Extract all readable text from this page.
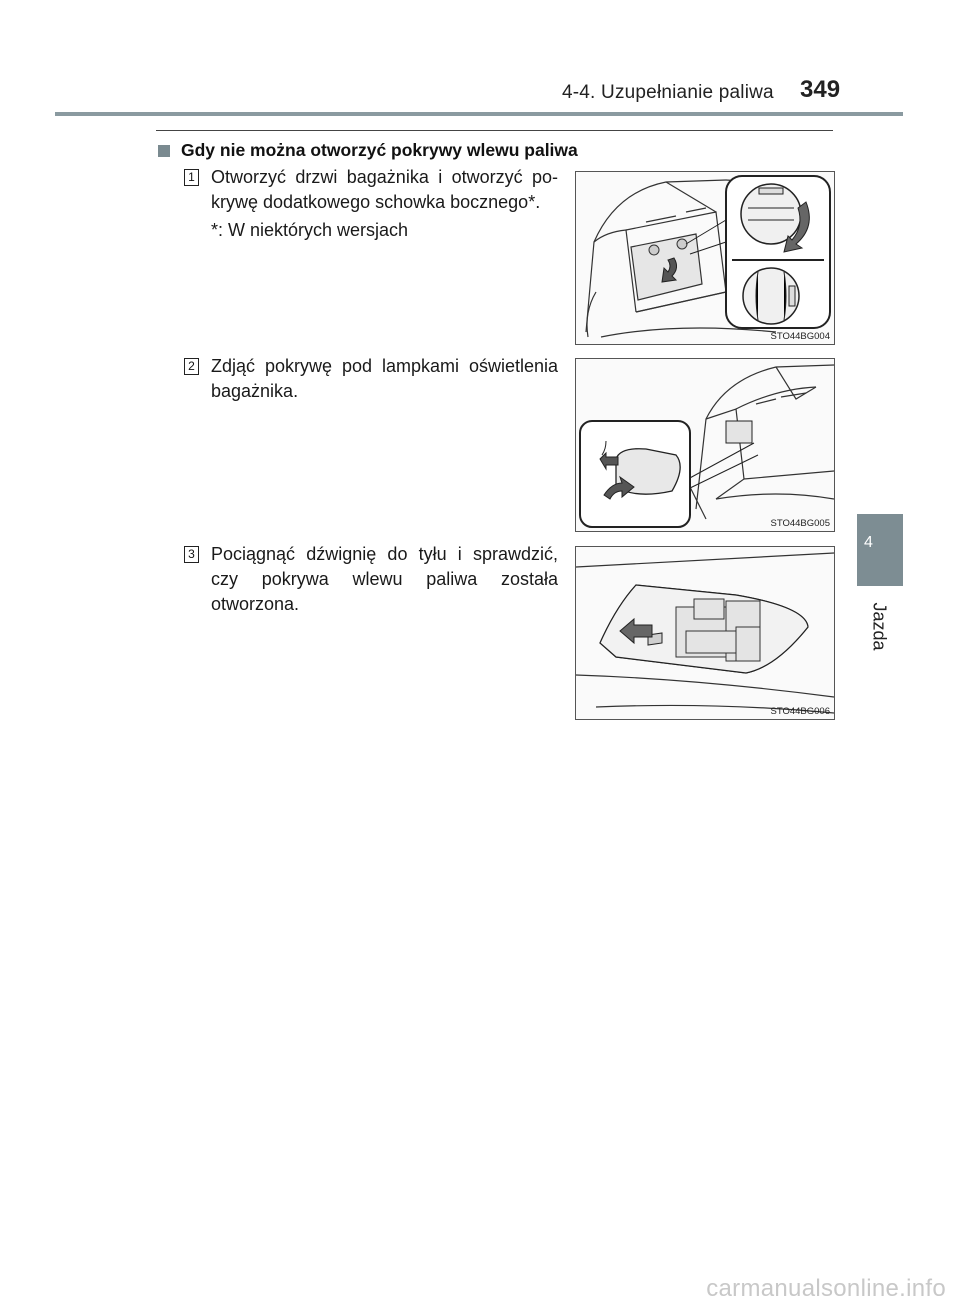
4-4. Uzupełnianie paliwa 349
Gdy nie można otworzyć pokrywy wlewu paliwa
1 Otworzyć drzwi bagażnika i otworzyć po-krywę dodatkowego schowka bocznego*.
*: W niektórych wersjach
STO44BG004
2 Zdjąć pokrywę pod lampkami oświetlenia bagażnika.
STO44BG005
3 Pociągnąć dźwignię do tyłu i sprawdzić, czy pokrywa wlewu paliwa została otworzona.
STO44BG006
4
Jazda
carmanualsonline.info
